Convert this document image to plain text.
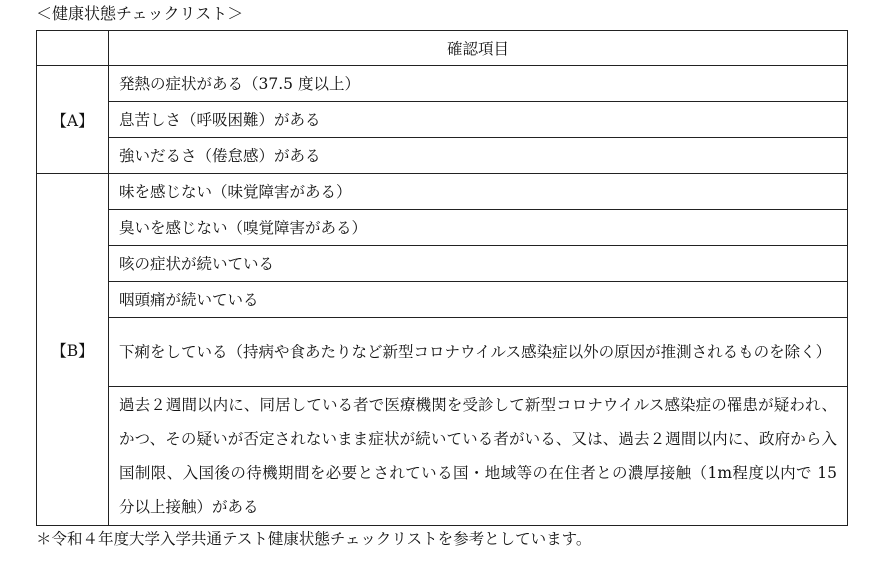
＜健康状態チェックリスト＞
	確認項目
【A】	発熱の症状がある（37.5 度以上）
	息苦しさ（呼吸困難）がある
	強いだるさ（倦怠感）がある
【B】	味を感じない（味覚障害がある）
	臭いを感じない（嗅覚障害がある）
	咳の症状が続いている
	咽頭痛が続いている
	下痢をしている（持病や食あたりなど新型コロナウイルス感染症以外の原因が推測されるものを除く）
	過去２週間以内に、同居している者で医療機関を受診して新型コロナウイルス感染症の罹患が疑われ、かつ、その疑いが否定されないまま症状が続いている者がいる、又は、過去２週間以内に、政府から入国制限、入国後の待機期間を必要とされている国・地域等の在住者との濃厚接触（1m程度以内で 15 分以上接触）がある
＊令和４年度大学入学共通テスト健康状態チェックリストを参考としています。
